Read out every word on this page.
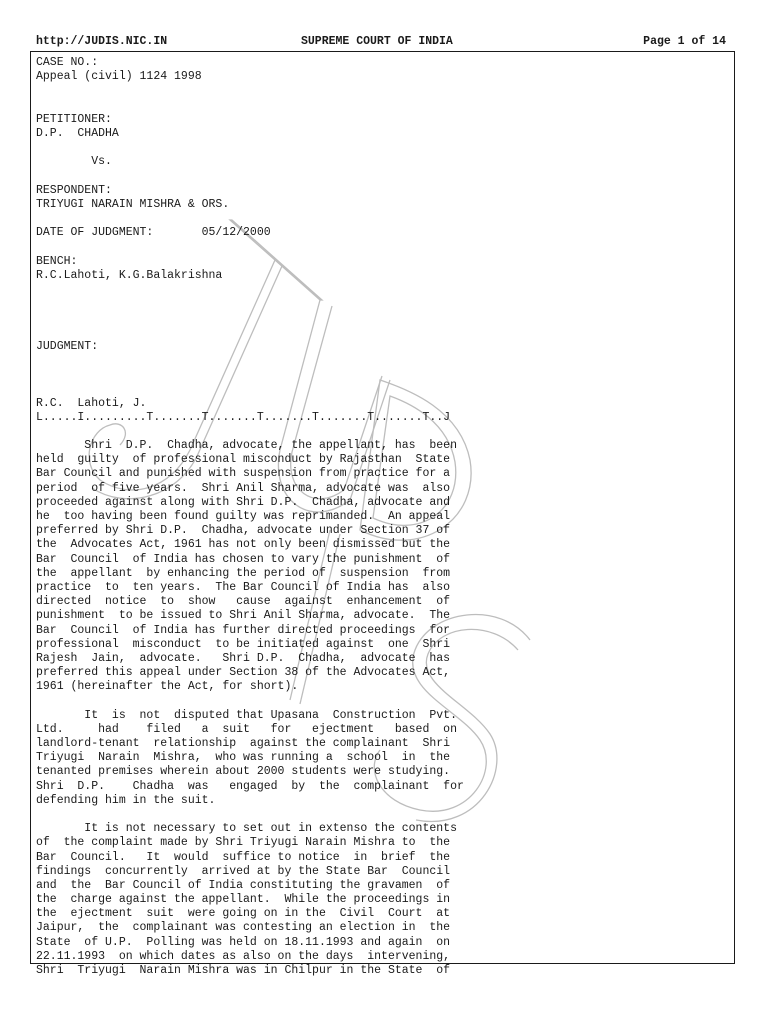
http://JUDIS.NIC.IN	SUPREME COURT OF INDIA	Page 1 of 14
CASE NO.:
Appeal (civil) 1124 1998
PETITIONER:
D.P.  CHADHA
Vs.
RESPONDENT:
TRIYUGI NARAIN MISHRA & ORS.
DATE OF JUDGMENT:       05/12/2000
BENCH:
R.C.Lahoti, K.G.Balakrishna
JUDGMENT:
R.C.  Lahoti, J.
L.....I.........T.......T.......T.......T.......T.......T..J
Shri  D.P.  Chadha, advocate, the appellant, has  been
held  guilty  of professional misconduct by Rajasthan  State
Bar Council and punished with suspension from practice for a
period  of five years.  Shri Anil Sharma, advocate was  also
proceeded against along with Shri D.P.  Chadha, advocate and
he  too having been found guilty was reprimanded.  An appeal
preferred by Shri D.P.  Chadha, advocate under Section 37 of
the  Advocates Act, 1961 has not only been dismissed but the
Bar  Council  of India has chosen to vary the punishment  of
the  appellant  by enhancing the period of  suspension  from
practice  to  ten years.  The Bar Council of India has  also
directed  notice  to  show   cause  against  enhancement  of
punishment  to be issued to Shri Anil Sharma, advocate.  The
Bar  Council  of India has further directed proceedings  for
professional  misconduct  to be initiated against  one  Shri
Rajesh  Jain,  advocate.   Shri D.P.  Chadha,  advocate  has
preferred this appeal under Section 38 of the Advocates Act,
1961 (hereinafter the Act, for short).
It  is  not  disputed that Upasana  Construction  Pvt.
Ltd.     had    filed   a  suit   for   ejectment   based  on
landlord-tenant  relationship  against the complainant  Shri
Triyugi  Narain  Mishra,  who was running a  school  in  the
tenanted premises wherein about 2000 students were studying.
Shri  D.P.    Chadha  was   engaged  by  the  complainant  for
defending him in the suit.
It is not necessary to set out in extenso the contents
of  the complaint made by Shri Triyugi Narain Mishra to  the
Bar  Council.   It  would  suffice to notice  in  brief  the
findings  concurrently  arrived at by the State Bar  Council
and  the  Bar Council of India constituting the gravamen  of
the  charge against the appellant.  While the proceedings in
the  ejectment  suit  were going on in the  Civil  Court  at
Jaipur,  the  complainant was contesting an election in  the
State  of U.P.  Polling was held on 18.11.1993 and again  on
22.11.1993  on which dates as also on the days  intervening,
Shri  Triyugi  Narain Mishra was in Chilpur in the State  of
